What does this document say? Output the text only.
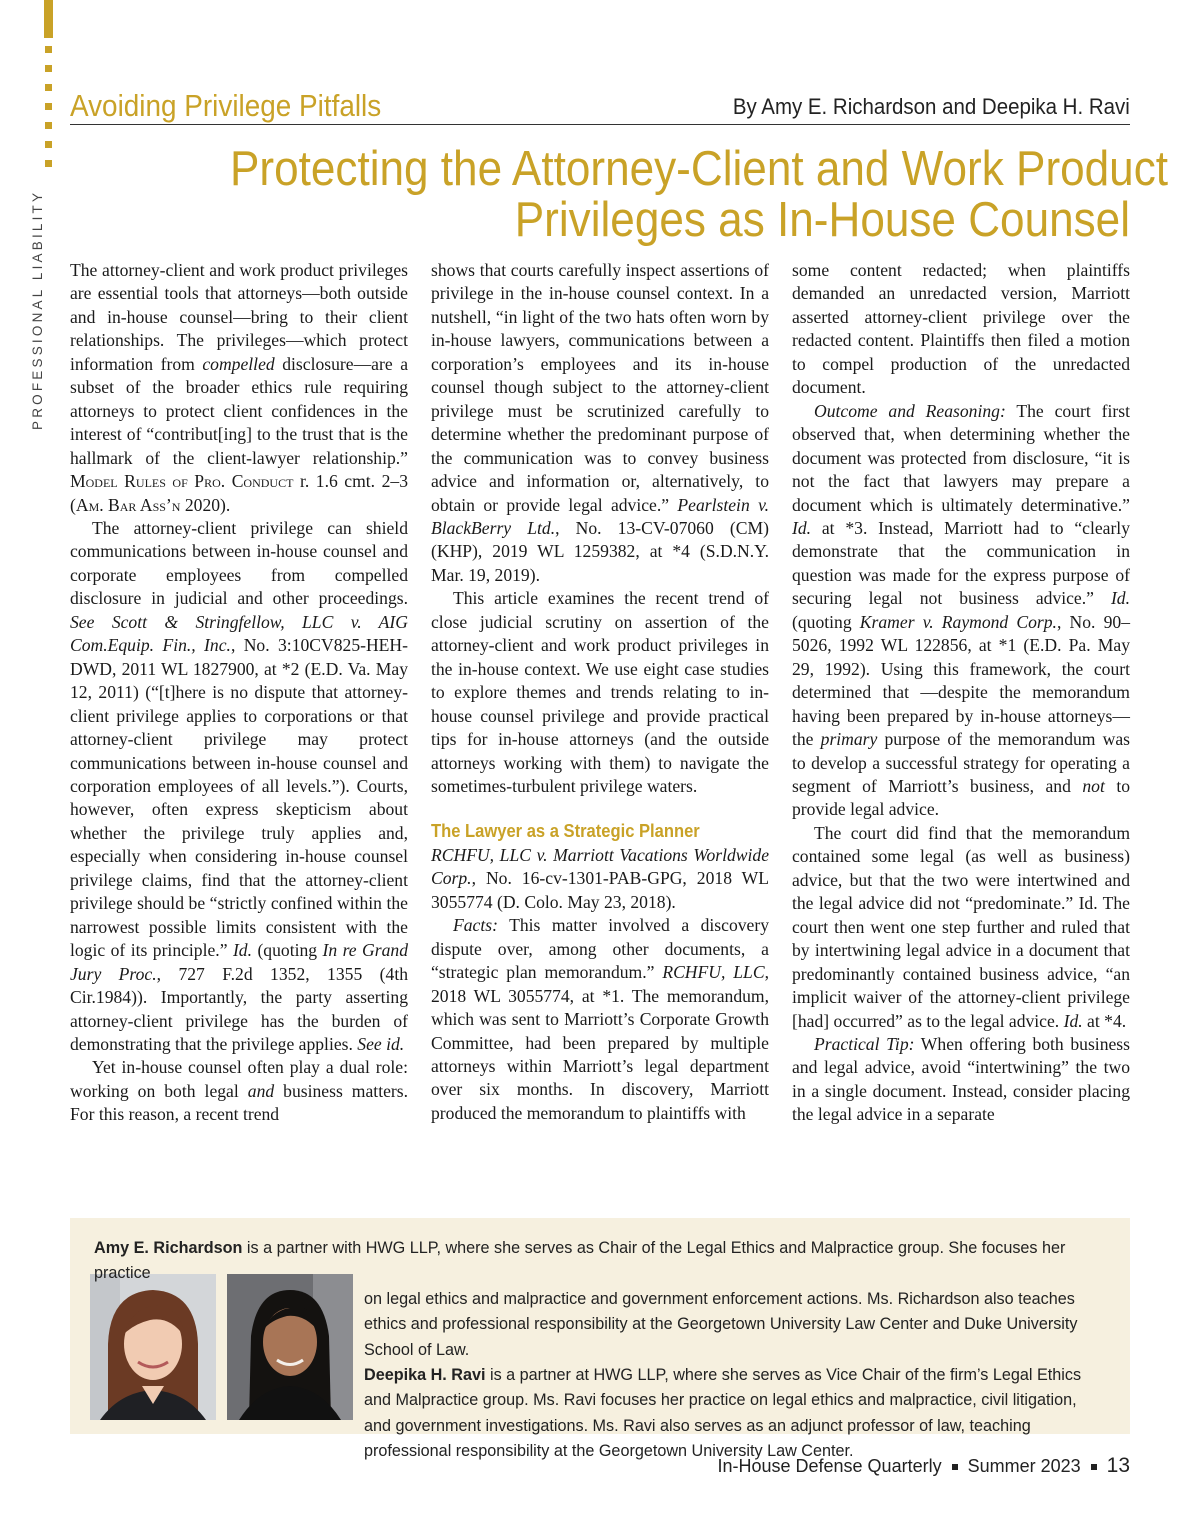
PROFESSIONAL LIABILITY
Avoiding Privilege Pitfalls	By Amy E. Richardson and Deepika H. Ravi
Protecting the Attorney-Client and Work Product
Privileges as In-House Counsel

The attorney-client and work product privileges are essential tools that attorneys—both outside and in-house counsel—bring to their client relationships. The privileges—which protect information from compelled disclosure—are a subset of the broader ethics rule requiring attorneys to protect client confidences in the interest of “contribut[ing] to the trust that is the hallmark of the client-lawyer relationship.” Model Rules of Pro. Conduct r. 1.6 cmt. 2–3 (Am. Bar Ass’n 2020).

The attorney-client privilege can shield communications between in-house counsel and corporate employees from compelled disclosure in judicial and other proceedings. See Scott & Stringfellow, LLC v. AIG Com.Equip. Fin., Inc., No. 3:10CV825-HEH-DWD, 2011 WL 1827900, at *2 (E.D. Va. May 12, 2011) (“[t]here is no dispute that attorney-client privilege applies to corporations or that attorney-client privilege may protect communications between in-house counsel and corporation employees of all levels.”). Courts, however, often express skepticism about whether the privilege truly applies and, especially when considering in-house counsel privilege claims, find that the attorney-client privilege should be “strictly confined within the narrowest possible limits consistent with the logic of its principle.” Id. (quoting In re Grand Jury Proc., 727 F.2d 1352, 1355 (4th Cir.1984)). Importantly, the party asserting attorney-client privilege has the burden of demonstrating that the privilege applies. See id.

Yet in-house counsel often play a dual role: working on both legal and business matters. For this reason, a recent trend

shows that courts carefully inspect assertions of privilege in the in-house counsel context. In a nutshell, “in light of the two hats often worn by in-house lawyers, communications between a corporation’s employees and its in-house counsel though subject to the attorney-client privilege must be scrutinized carefully to determine whether the predominant purpose of the communication was to convey business advice and information or, alternatively, to obtain or provide legal advice.” Pearlstein v. BlackBerry Ltd., No. 13-CV-07060 (CM) (KHP), 2019 WL 1259382, at *4 (S.D.N.Y. Mar. 19, 2019).

This article examines the recent trend of close judicial scrutiny on assertion of the attorney-client and work product privileges in the in-house context. We use eight case studies to explore themes and trends relating to in-house counsel privilege and provide practical tips for in-house attorneys (and the outside attorneys working with them) to navigate the sometimes-turbulent privilege waters.

The Lawyer as a Strategic Planner

RCHFU, LLC v. Marriott Vacations Worldwide Corp., No. 16-cv-1301-PAB-GPG, 2018 WL 3055774 (D. Colo. May 23, 2018).

Facts: This matter involved a discovery dispute over, among other documents, a “strategic plan memorandum.” RCHFU, LLC, 2018 WL 3055774, at *1. The memorandum, which was sent to Marriott’s Corporate Growth Committee, had been prepared by multiple attorneys within Marriott’s legal department over six months. In discovery, Marriott produced the memorandum to plaintiffs with

some content redacted; when plaintiffs demanded an unredacted version, Marriott asserted attorney-client privilege over the redacted content. Plaintiffs then filed a motion to compel production of the unredacted document.

Outcome and Reasoning: The court first observed that, when determining whether the document was protected from disclosure, “it is not the fact that lawyers may prepare a document which is ultimately determinative.” Id. at *3. Instead, Marriott had to “clearly demonstrate that the communication in question was made for the express purpose of securing legal not business advice.” Id. (quoting Kramer v. Raymond Corp., No. 90–5026, 1992 WL 122856, at *1 (E.D. Pa. May 29, 1992). Using this framework, the court determined that —despite the memorandum having been prepared by in-house attorneys—the primary purpose of the memorandum was to develop a successful strategy for operating a segment of Marriott’s business, and not to provide legal advice.

The court did find that the memorandum contained some legal (as well as business) advice, but that the two were intertwined and the legal advice did not “predominate.” Id. The court then went one step further and ruled that by intertwining legal advice in a document that predominantly contained business advice, “an implicit waiver of the attorney-client privilege [had] occurred” as to the legal advice. Id. at *4.

Practical Tip: When offering both business and legal advice, avoid “intertwining” the two in a single document. Instead, consider placing the legal advice in a separate

Amy E. Richardson is a partner with HWG LLP, where she serves as Chair of the Legal Ethics and Malpractice group. She focuses her practice
on legal ethics and malpractice and government enforcement actions. Ms. Richardson also teaches ethics and professional responsibility at the Georgetown University Law Center and Duke University School of Law.
Deepika H. Ravi is a partner at HWG LLP, where she serves as Vice Chair of the firm’s Legal Ethics and Malpractice group. Ms. Ravi focuses her practice on legal ethics and malpractice, civil litigation, and government investigations. Ms. Ravi also serves as an adjunct professor of law, teaching professional responsibility at the Georgetown University Law Center.
In-House Defense Quarterly Summer 2023 13
